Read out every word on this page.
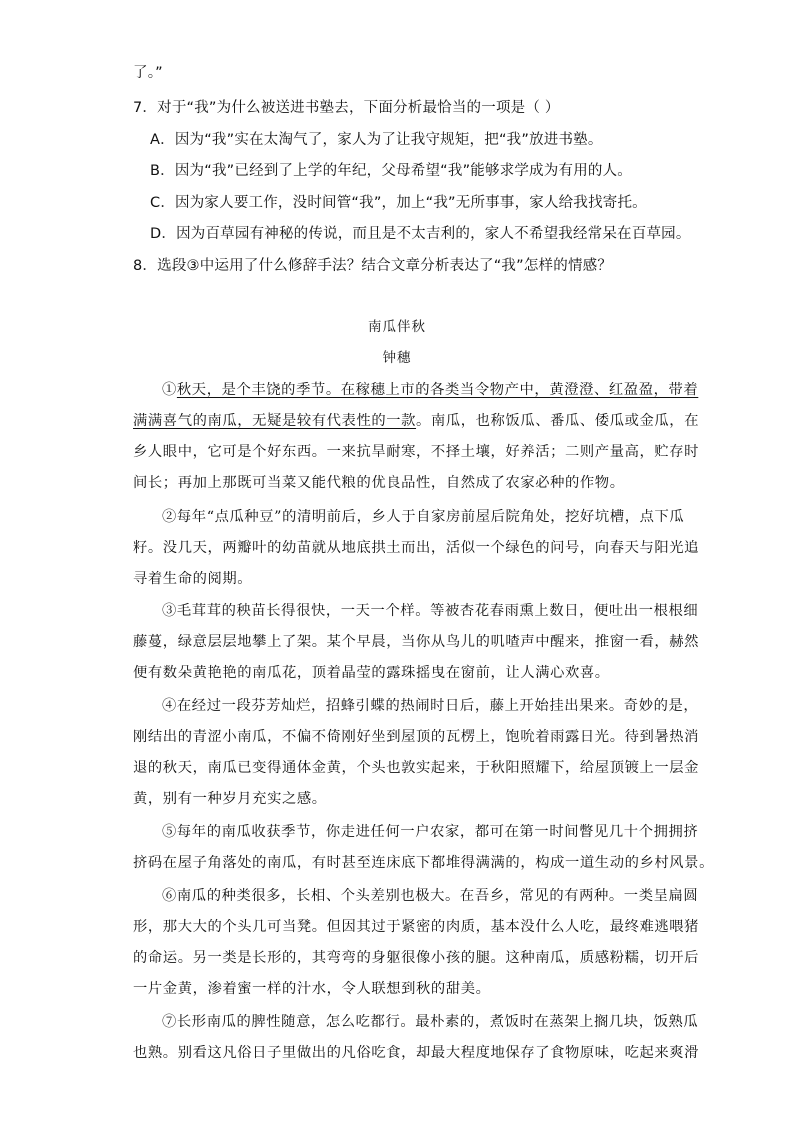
了。”
7．对于“我”为什么被送进书塾去，下面分析最恰当的一项是（ ）
A．因为“我”实在太淘气了，家人为了让我守规矩，把“我”放进书塾。
B．因为“我”已经到了上学的年纪，父母希望“我”能够求学成为有用的人。
C．因为家人要工作，没时间管“我”，加上“我”无所事事，家人给我找寄托。
D．因为百草园有神秘的传说，而且是不太吉利的，家人不希望我经常呆在百草园。
8．选段③中运用了什么修辞手法？结合文章分析表达了“我”怎样的情感？
南瓜伴秋
钟穗
①秋天，是个丰饶的季节。在稼穗上市的各类当令物产中，黄澄澄、红盈盈，带着
满满喜气的南瓜，无疑是较有代表性的一款。南瓜，也称饭瓜、番瓜、倭瓜或金瓜，在
乡人眼中，它可是个好东西。一来抗旱耐寒，不择土壤，好养活；二则产量高，贮存时
间长；再加上那既可当菜又能代粮的优良品性，自然成了农家必种的作物。
②每年“点瓜种豆”的清明前后，乡人于自家房前屋后院角处，挖好坑槽，点下瓜
籽。没几天，两瓣叶的幼苗就从地底拱土而出，活似一个绿色的问号，向春天与阳光追
寻着生命的阅期。
③毛茸茸的秧苗长得很快，一天一个样。等被杏花春雨熏上数日，便吐出一根根细
藤蔓，绿意层层地攀上了架。某个早晨，当你从鸟儿的叽喳声中醒来，推窗一看，赫然
便有数朵黄艳艳的南瓜花，顶着晶莹的露珠摇曳在窗前，让人满心欢喜。
④在经过一段芬芳灿烂，招蜂引蝶的热闹时日后，藤上开始挂出果来。奇妙的是，
刚结出的青涩小南瓜，不偏不倚刚好坐到屋顶的瓦楞上，饱吮着雨露日光。待到暑热消
退的秋天，南瓜已变得通体金黄，个头也敦实起来，于秋阳照耀下，给屋顶镀上一层金
黄，别有一种岁月充实之感。
⑤每年的南瓜收获季节，你走进任何一户农家，都可在第一时间瞥见几十个拥拥挤
挤码在屋子角落处的南瓜，有时甚至连床底下都堆得满满的，构成一道生动的乡村风景。
⑥南瓜的种类很多，长相、个头差别也极大。在吾乡，常见的有两种。一类呈扁圆
形，那大大的个头几可当凳。但因其过于紧密的肉质，基本没什么人吃，最终难逃喂猪
的命运。另一类是长形的，其弯弯的身躯很像小孩的腿。这种南瓜，质感粉糯，切开后
一片金黄，渗着蜜一样的汁水，令人联想到秋的甜美。
⑦长形南瓜的脾性随意，怎么吃都行。最朴素的，煮饭时在蒸架上搁几块，饭熟瓜
也熟。别看这凡俗日子里做出的凡俗吃食，却最大程度地保存了食物原味，吃起来爽滑
